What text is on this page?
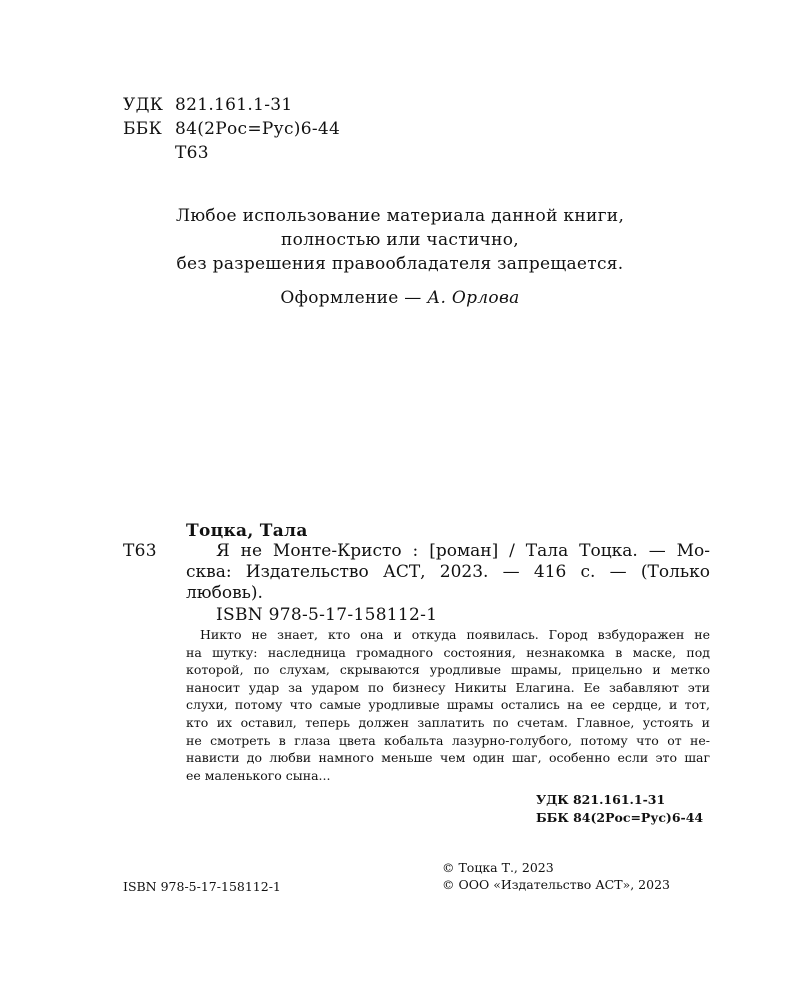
УДК 821.161.1-31
ББК 84(2Рос=Рус)6-44
Т63
Любое использование материала данной книги,
полностью или частично,
без разрешения правообладателя запрещается.
Оформление — А. Орлова
Тоцка, Тала
Т63	Я не Монте-Кристо : [роман] / Тала Тоцка. — Мо-
сква: Издательство АСТ, 2023. — 416 с. — (Только
любовь).
ISBN 978-5-17-158112-1
Никто не знает, кто она и откуда появилась. Город взбудоражен не
на шутку: наследница громадного состояния, незнакомка в маске, под
которой, по слухам, скрываются уродливые шрамы, прицельно и метко
наносит удар за ударом по бизнесу Никиты Елагина. Ее забавляют эти
слухи, потому что самые уродливые шрамы остались на ее сердце, и тот,
кто их оставил, теперь должен заплатить по счетам. Главное, устоять и
не смотреть в глаза цвета кобальта лазурно-голубого, потому что от не-
нависти до любви намного меньше чем один шаг, особенно если это шаг
ее маленького сына...
УДК 821.161.1-31
ББК 84(2Рос=Рус)6-44
ISBN 978-5-17-158112-1
© Тоцка Т., 2023
© ООО «Издательство АСТ», 2023
